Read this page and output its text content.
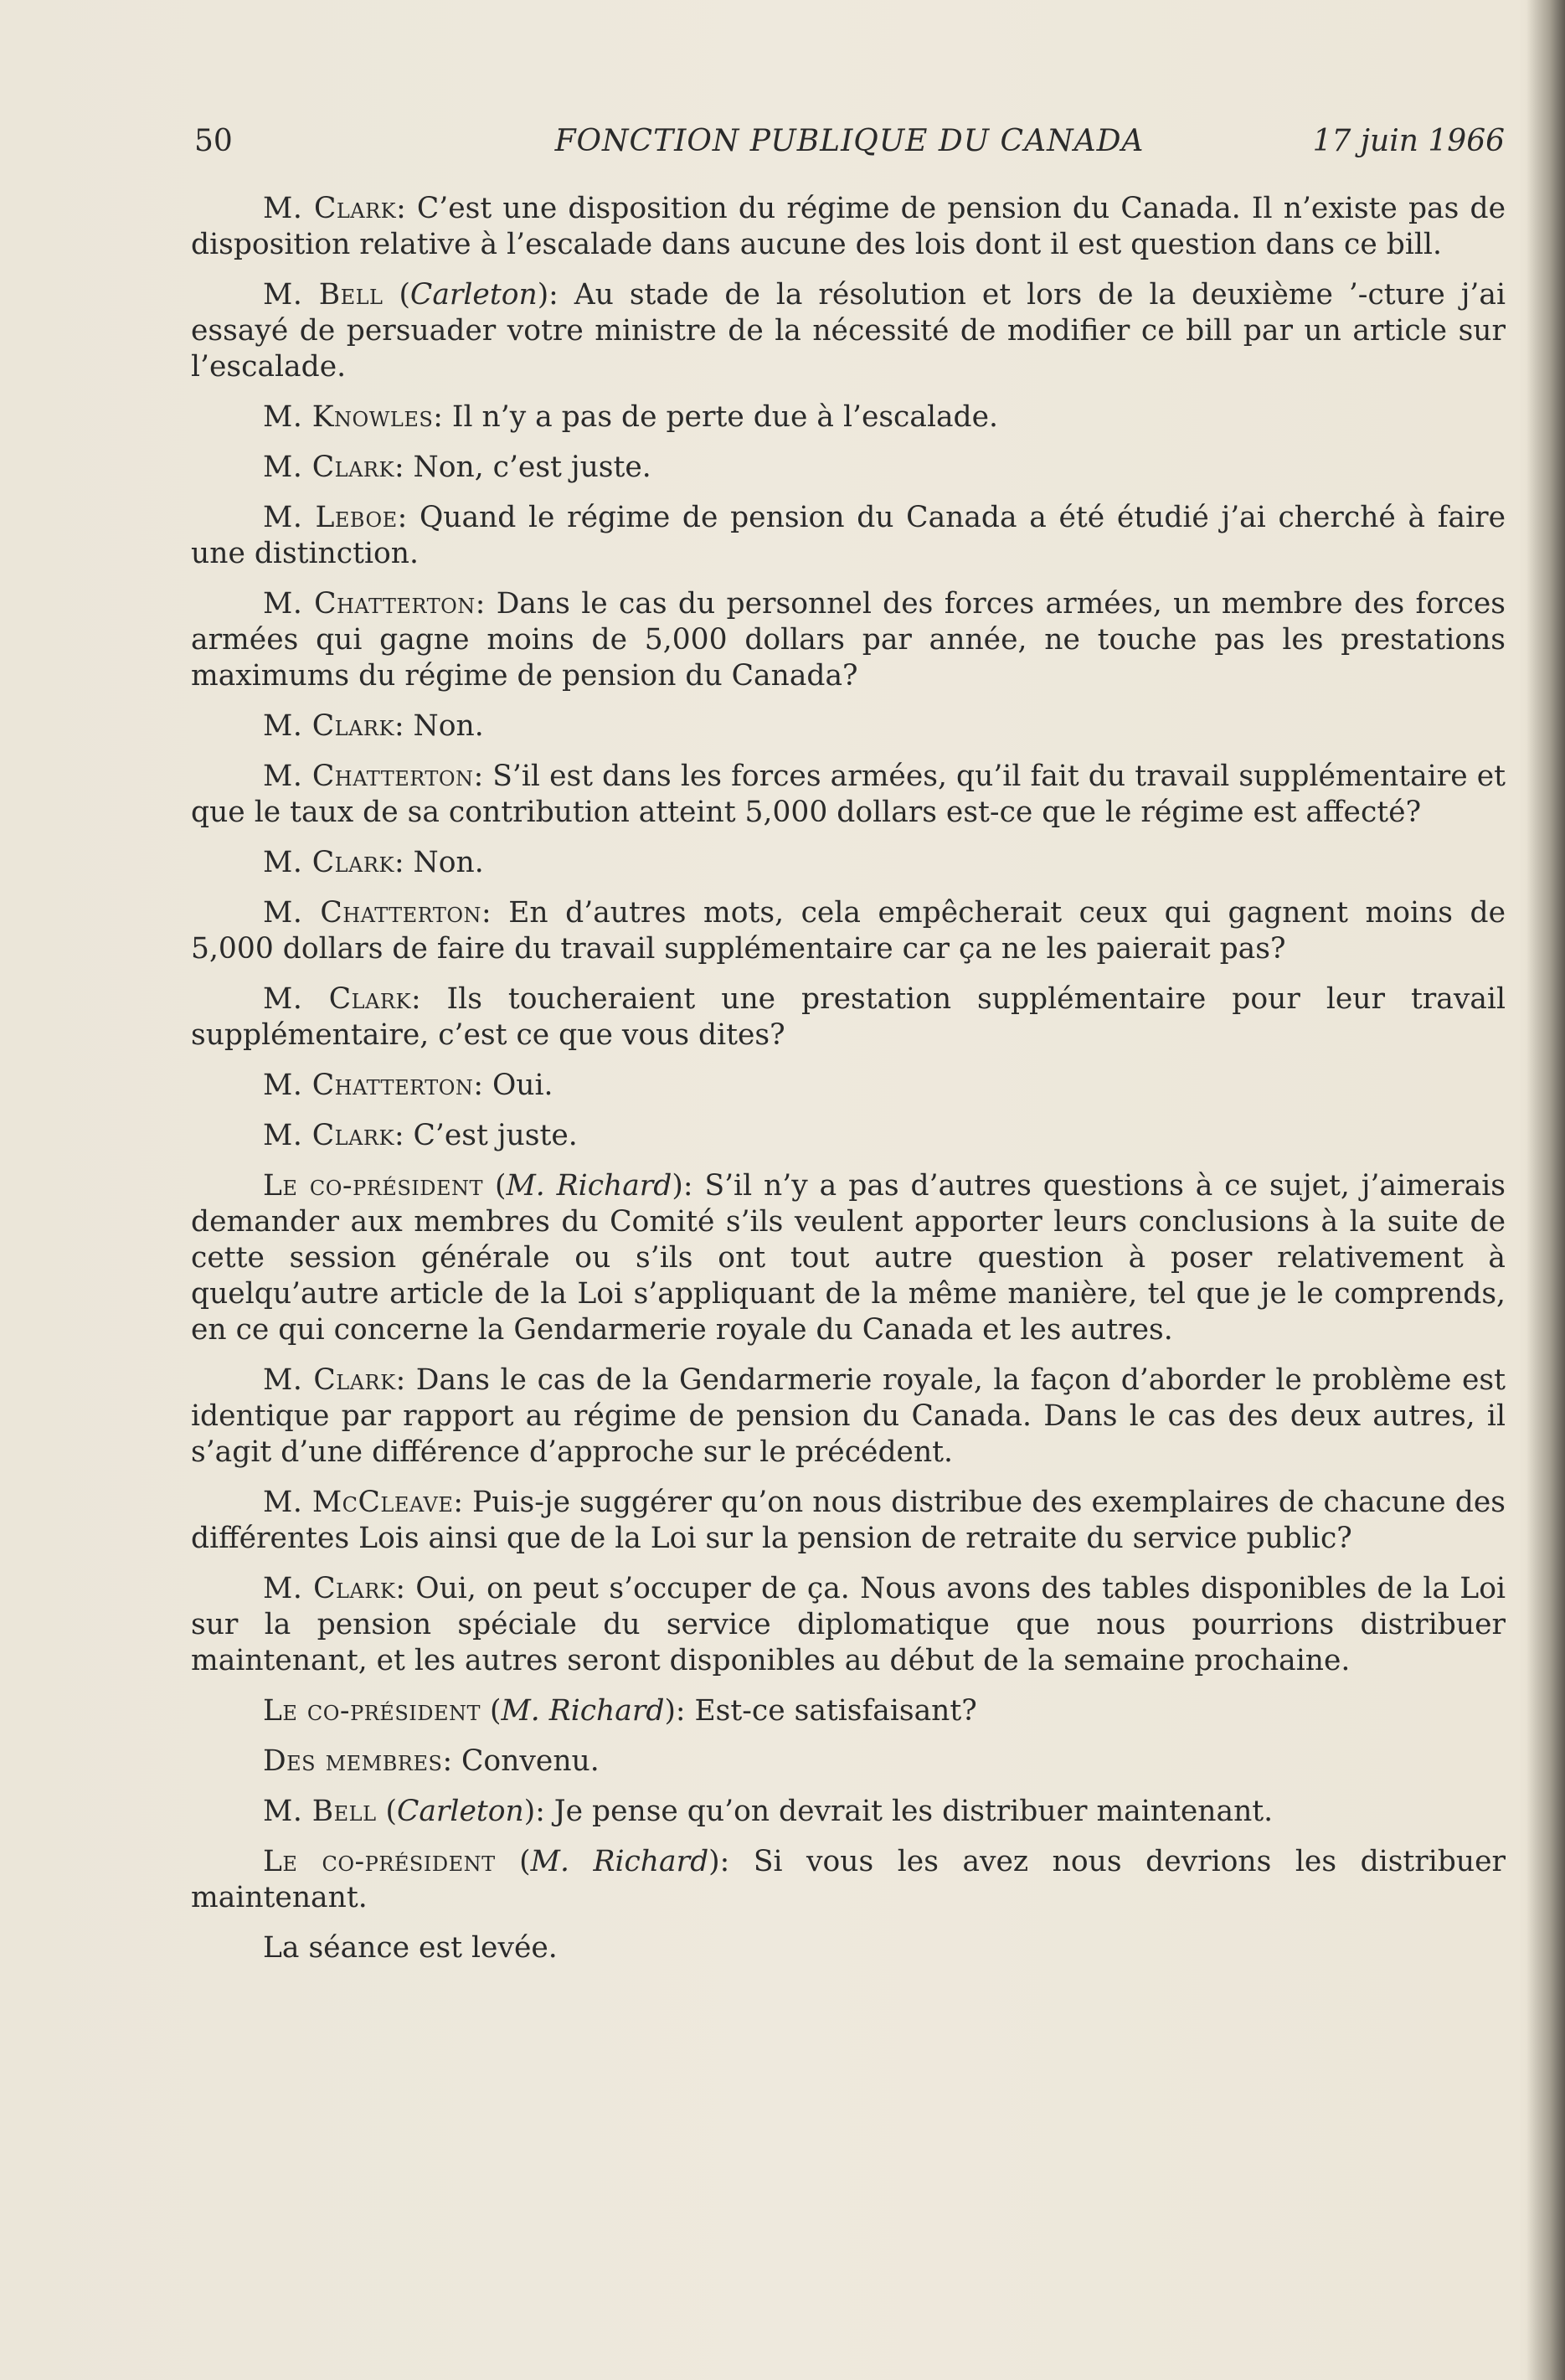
50	FONCTION PUBLIQUE DU CANADA	17 juin 1966

M. Clark: C’est une disposition du régime de pension du Canada. Il n’existe pas de disposition relative à l’escalade dans aucune des lois dont il est question dans ce bill.

M. Bell (Carleton): Au stade de la résolution et lors de la deuxième ’-cture j’ai essayé de persuader votre ministre de la nécessité de modifier ce bill par un article sur l’escalade.

M. Knowles: Il n’y a pas de perte due à l’escalade.

M. Clark: Non, c’est juste.

M. Leboe: Quand le régime de pension du Canada a été étudié j’ai cherché à faire une distinction.

M. Chatterton: Dans le cas du personnel des forces armées, un membre des forces armées qui gagne moins de 5,000 dollars par année, ne touche pas les prestations maximums du régime de pension du Canada?

M. Clark: Non.

M. Chatterton: S’il est dans les forces armées, qu’il fait du travail supplémentaire et que le taux de sa contribution atteint 5,000 dollars est-ce que le régime est affecté?

M. Clark: Non.

M. Chatterton: En d’autres mots, cela empêcherait ceux qui gagnent moins de 5,000 dollars de faire du travail supplémentaire car ça ne les paierait pas?

M. Clark: Ils toucheraient une prestation supplémentaire pour leur travail supplémentaire, c’est ce que vous dites?

M. Chatterton: Oui.

M. Clark: C’est juste.

Le co-président (M. Richard): S’il n’y a pas d’autres questions à ce sujet, j’aimerais demander aux membres du Comité s’ils veulent apporter leurs conclusions à la suite de cette session générale ou s’ils ont tout autre question à poser relativement à quelqu’autre article de la Loi s’appliquant de la même manière, tel que je le comprends, en ce qui concerne la Gendarmerie royale du Canada et les autres.

M. Clark: Dans le cas de la Gendarmerie royale, la façon d’aborder le problème est identique par rapport au régime de pension du Canada. Dans le cas des deux autres, il s’agit d’une différence d’approche sur le précédent.

M. McCleave: Puis-je suggérer qu’on nous distribue des exemplaires de chacune des différentes Lois ainsi que de la Loi sur la pension de retraite du service public?

M. Clark: Oui, on peut s’occuper de ça. Nous avons des tables disponibles de la Loi sur la pension spéciale du service diplomatique que nous pourrions distribuer maintenant, et les autres seront disponibles au début de la semaine prochaine.

Le co-président (M. Richard): Est-ce satisfaisant?

Des membres: Convenu.

M. Bell (Carleton): Je pense qu’on devrait les distribuer maintenant.

Le co-président (M. Richard): Si vous les avez nous devrions les distribuer maintenant.

La séance est levée.
